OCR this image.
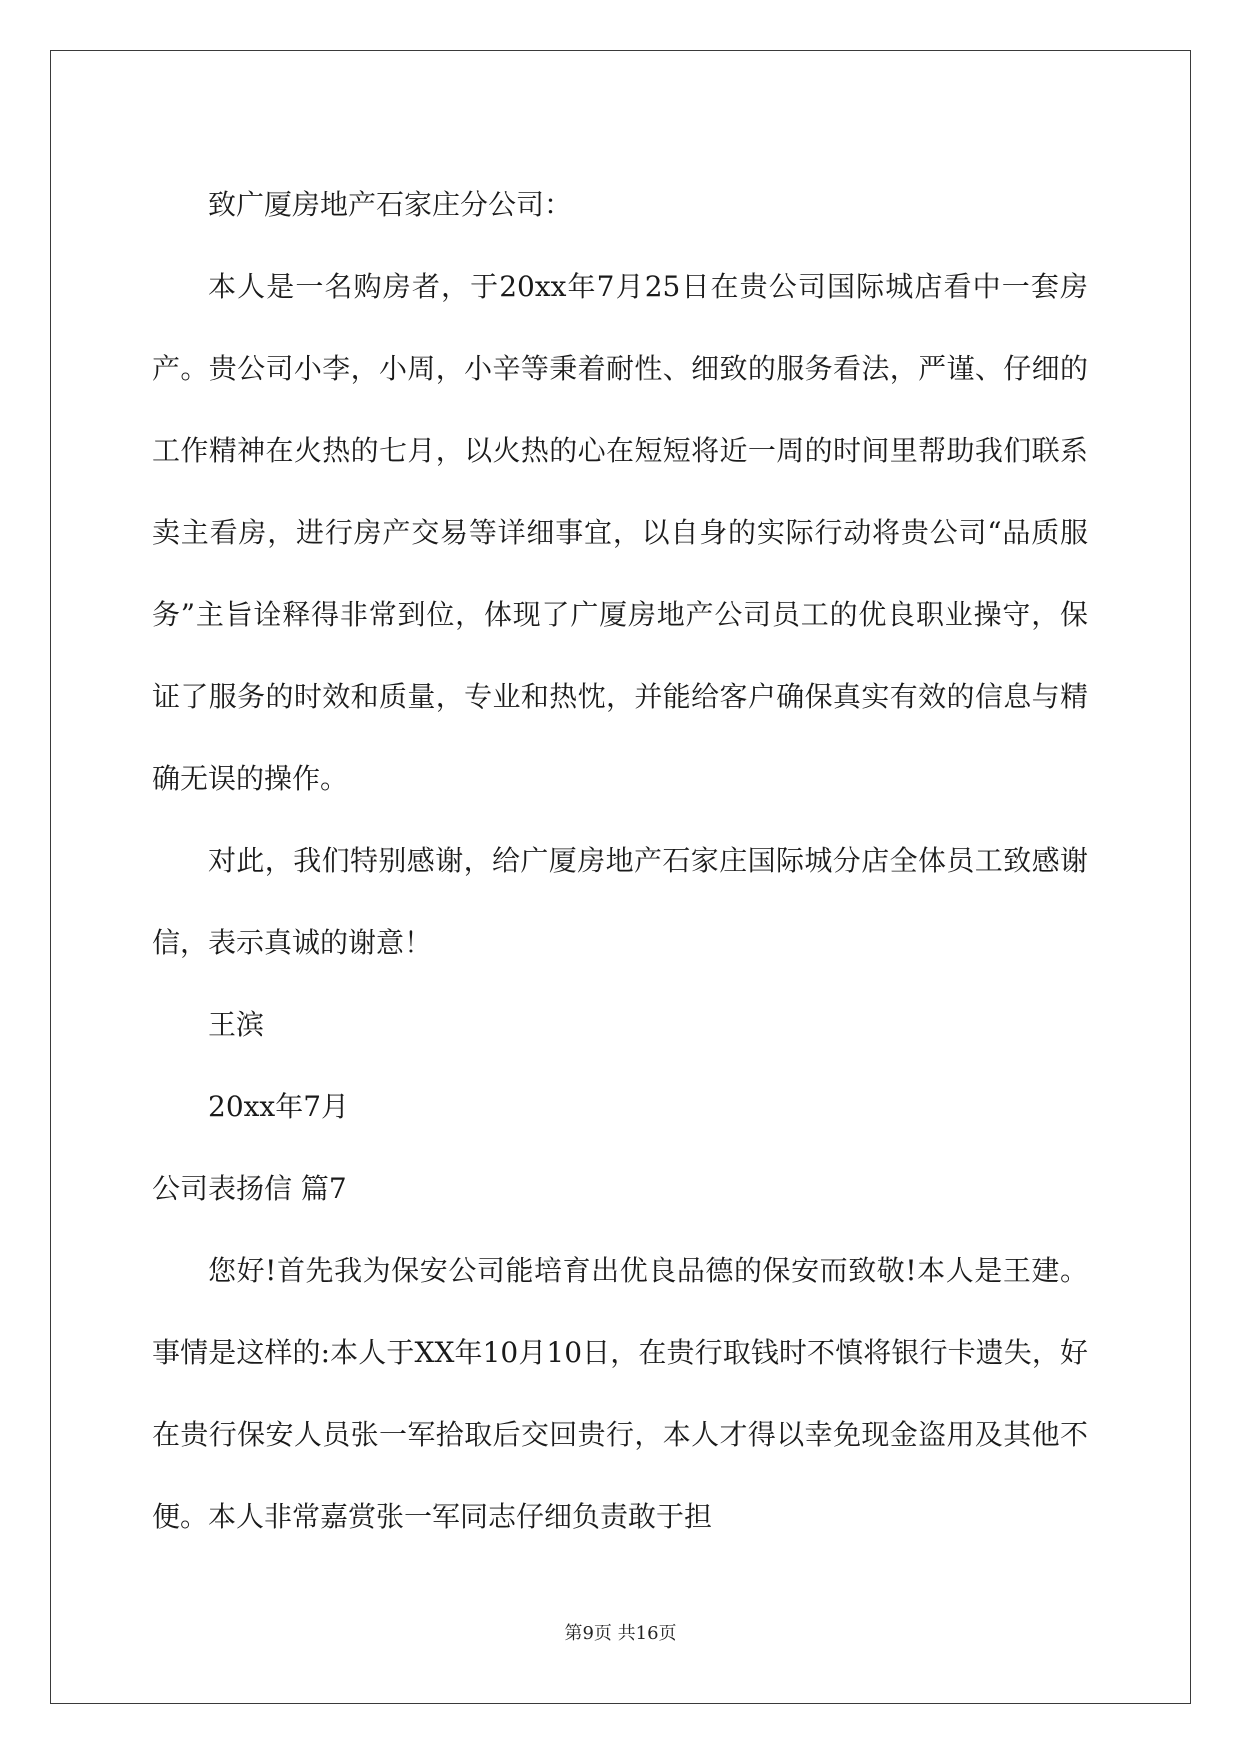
致广厦房地产石家庄分公司：

本人是一名购房者，于20xx年7月25日在贵公司国际城店看中一套房产。贵公司小李，小周，小辛等秉着耐性、细致的服务看法，严谨、仔细的工作精神在火热的七月，以火热的心在短短将近一周的时间里帮助我们联系卖主看房，进行房产交易等详细事宜，以自身的实际行动将贵公司“品质服务”主旨诠释得非常到位，体现了广厦房地产公司员工的优良职业操守，保证了服务的时效和质量，专业和热忱，并能给客户确保真实有效的信息与精确无误的操作。

对此，我们特别感谢，给广厦房地产石家庄国际城分店全体员工致感谢信，表示真诚的谢意！

王滨

20xx年7月

公司表扬信 篇7

您好!首先我为保安公司能培育出优良品德的保安而致敬!本人是王建。事情是这样的:本人于XX年10月10日，在贵行取钱时不慎将银行卡遗失，好在贵行保安人员张一军拾取后交回贵行，本人才得以幸免现金盗用及其他不便。本人非常嘉赏张一军同志仔细负责敢于担

第9页 共16页
